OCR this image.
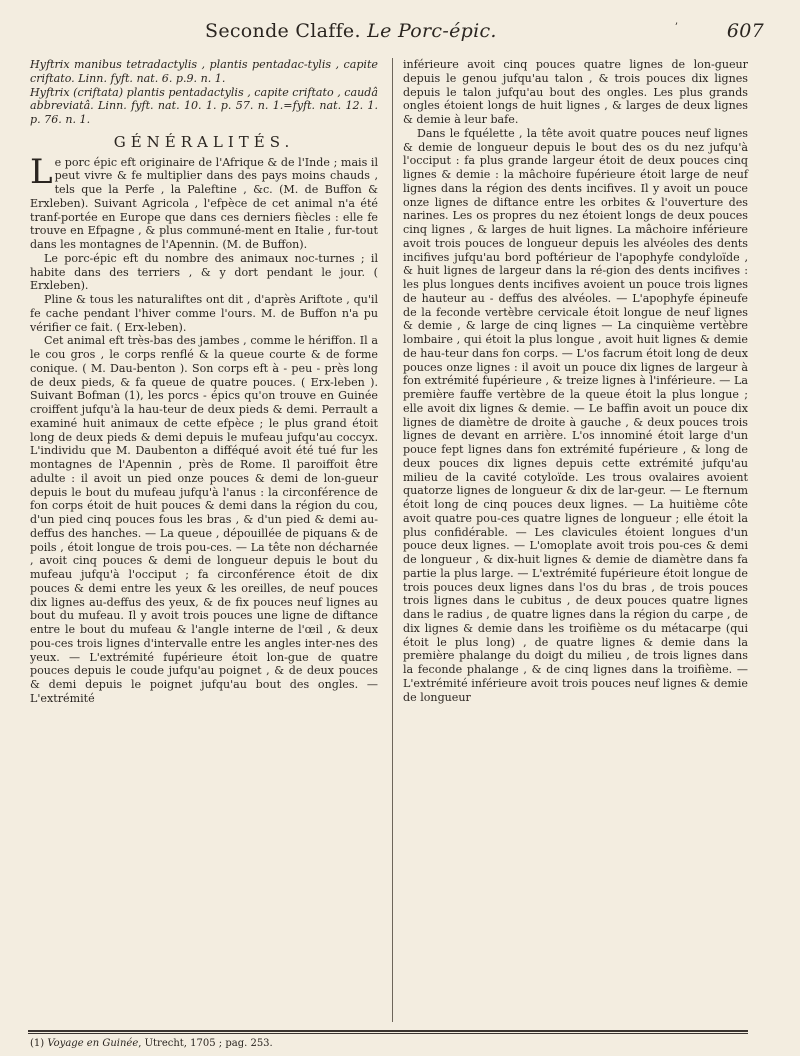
Seconde Claffe. Le Porc-épic.	ʼ	607

Hyftrix manibus tetradactylis , plantis pentadac-tylis , capite criftato. Linn. fyft. nat. 6. p.9. n. 1.

Hyftrix (criftata) plantis pentadactylis , capite criftato , caudâ abbreviatâ. Linn. fyft. nat. 10. 1. p. 57. n. 1.=fyft. nat. 12. 1. p. 76. n. 1.

GÉNÉRALITÉS.

Le porc épic eft originaire de l'Afrique & de l'Inde ; mais il peut vivre & fe multiplier dans des pays moins chauds , tels que la Perfe , la Paleftine , &c. (M. de Buffon & Erxleben). Suivant Agricola , l'efpèce de cet animal n'a été tranf-portée en Europe que dans ces derniers fiècles : elle fe trouve en Efpagne , & plus communé-ment en Italie , fur-tout dans les montagnes de l'Apennin. (M. de Buffon).

Le porc-épic eft du nombre des animaux noc-turnes ; il habite dans des terriers , & y dort pendant le jour. ( Erxleben).

Pline & tous les naturaliftes ont dit , d'après Ariftote , qu'il fe cache pendant l'hiver comme l'ours. M. de Buffon n'a pu vérifier ce fait. ( Erx-leben).

Cet animal eft très-bas des jambes , comme le hériffon. Il a le cou gros , le corps renflé & la queue courte & de forme conique. ( M. Dau-benton ). Son corps eft à - peu - près long de deux pieds, & fa queue de quatre pouces. ( Erx-leben ). Suivant Bofman (1), les porcs - épics qu'on trouve en Guinée croiffent jufqu'à la hau-teur de deux pieds & demi. Perrault a examiné huit animaux de cette efpèce ; le plus grand étoit long de deux pieds & demi depuis le mufeau jufqu'au coccyx. L'individu que M. Daubenton a difféqué avoit été tué fur les montagnes de l'Apennin , près de Rome. Il paroiffoit être adulte : il avoit un pied onze pouces & demi de lon-gueur depuis le bout du mufeau jufqu'à l'anus : la circonférence de fon corps étoit de huit pouces & demi dans la région du cou, d'un pied cinq pouces fous les bras , & d'un pied & demi au-deffus des hanches. — La queue , dépouillée de piquans & de poils , étoit longue de trois pou-ces. — La tête non décharnée , avoit cinq pouces & demi de longueur depuis le bout du mufeau jufqu'à l'occiput ; fa circonférence étoit de dix pouces & demi entre les yeux & les oreilles, de neuf pouces dix lignes au-deffus des yeux, & de fix pouces neuf lignes au bout du mufeau. Il y avoit trois pouces une ligne de diftance entre le bout du mufeau & l'angle interne de l'œil , & deux pou-ces trois lignes d'intervalle entre les angles inter-nes des yeux. — L'extrémité fupérieure étoit lon-gue de quatre pouces depuis le coude jufqu'au poignet , & de deux pouces & demi depuis le poignet jufqu'au bout des ongles. — L'extrémité

inférieure avoit cinq pouces quatre lignes de lon-gueur depuis le genou jufqu'au talon , & trois pouces dix lignes depuis le talon jufqu'au bout des ongles. Les plus grands ongles étoient longs de huit lignes , & larges de deux lignes & demie à leur bafe.

Dans le fquélette , la tête avoit quatre pouces neuf lignes & demie de longueur depuis le bout des os du nez jufqu'à l'occiput : fa plus grande largeur étoit de deux pouces cinq lignes & demie : la mâchoire fupérieure étoit large de neuf lignes dans la région des dents incifives. Il y avoit un pouce onze lignes de diftance entre les orbites & l'ouverture des narines. Les os propres du nez étoient longs de deux pouces cinq lignes , & larges de huit lignes. La mâchoire inférieure avoit trois pouces de longueur depuis les alvéoles des dents incifives jufqu'au bord poftérieur de l'apophyfe condyloïde , & huit lignes de largeur dans la ré-gion des dents incifives : les plus longues dents incifives avoient un pouce trois lignes de hauteur au - deffus des alvéoles. — L'apophyfe épineufe de la feconde vertèbre cervicale étoit longue de neuf lignes & demie , & large de cinq lignes — La cinquième vertèbre lombaire , qui étoit la plus longue , avoit huit lignes & demie de hau-teur dans fon corps. — L'os facrum étoit long de deux pouces onze lignes : il avoit un pouce dix lignes de largeur à fon extrémité fupérieure , & treize lignes à l'inférieure. — La première fauffe vertèbre de la queue étoit la plus longue ; elle avoit dix lignes & demie. — Le baffin avoit un pouce dix lignes de diamètre de droite à gauche , & deux pouces trois lignes de devant en arrière. L'os innominé étoit large d'un pouce fept lignes dans fon extrémité fupérieure , & long de deux pouces dix lignes depuis cette extrémité jufqu'au milieu de la cavité cotyloïde. Les trous ovalaires avoient quatorze lignes de longueur & dix de lar-geur. — Le fternum étoit long de cinq pouces deux lignes. — La huitième côte avoit quatre pou-ces quatre lignes de longueur ; elle étoit la plus confidérable. — Les clavicules étoient longues d'un pouce deux lignes. — L'omoplate avoit trois pou-ces & demi de longueur , & dix-huit lignes & demie de diamètre dans fa partie la plus large. — L'extrémité fupérieure étoit longue de trois pouces deux lignes dans l'os du bras , de trois pouces trois lignes dans le cubitus , de deux pouces quatre lignes dans le radius , de quatre lignes dans la région du carpe , de dix lignes & demie dans les troifième os du métacarpe (qui étoit le plus long) , de quatre lignes & demie dans la première phalange du doigt du milieu , de trois lignes dans la feconde phalange , & de cinq lignes dans la troifième. — L'extrémité inférieure avoit trois pouces neuf lignes & demie de longueur

(1) Voyage en Guinée, Utrecht, 1705 ; pag. 253.
